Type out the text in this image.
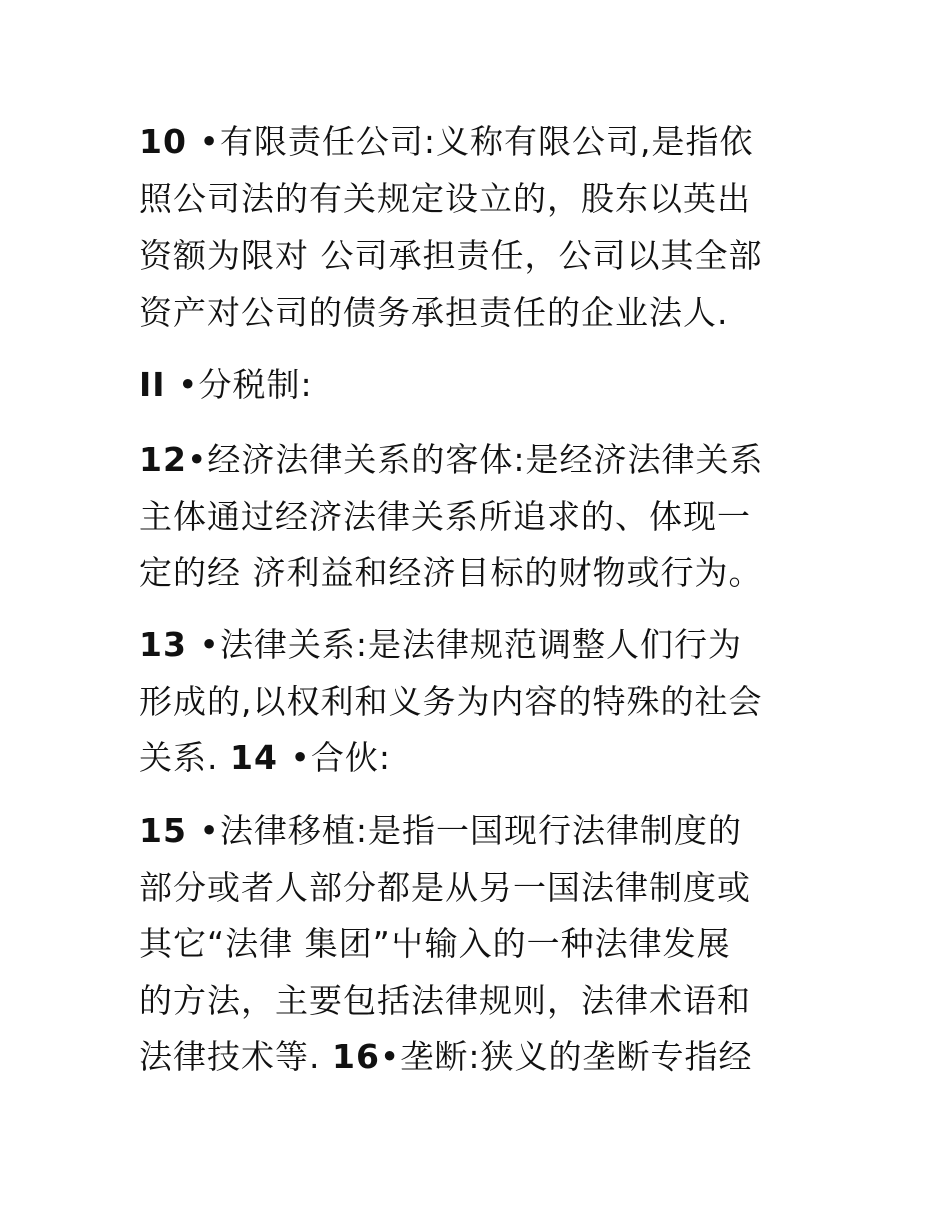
10 •有限责任公司:义称有限公司,是指依

照公司法的有关规定设立的，股东以英出

资额为限对 公司承担责任，公司以其全部

资产对公司的债务承担责任的企业法人.

II •分税制:

12•经济法律关系的客体:是经济法律关系

主体通过经济法律关系所追求的、体现一

定的经 济利益和经济目标的财物或行为。

13 •法律关系:是法律规范调整人们行为

形成的,以权利和义务为内容的特殊的社会

关系. 14 •合伙:

15 •法律移植:是指一国现行法律制度的

部分或者人部分都是从另一国法律制度或

其它“法律 集团”屮输入的一种法律发展

的方法，主要包括法律规则，法律术语和

法律技术等. 16•垄断:狭义的垄断专指经
